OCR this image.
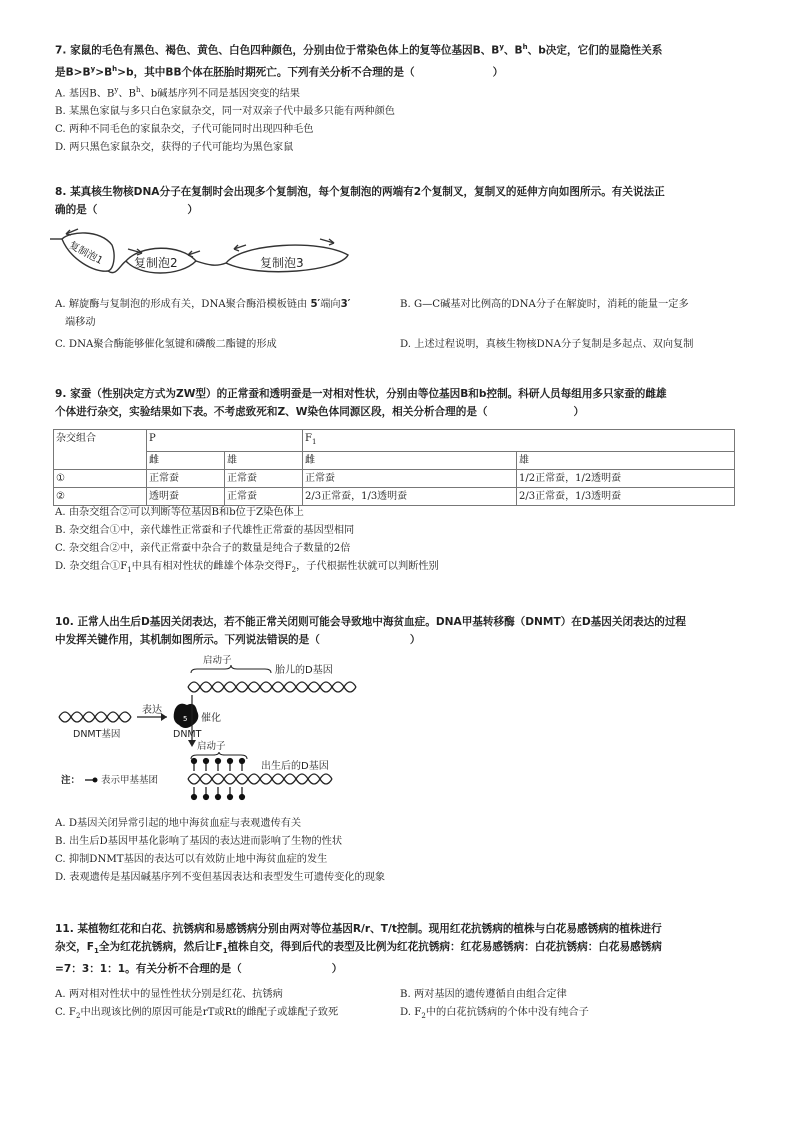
7. 家鼠的毛色有黑色、褐色、黄色、白色四种颜色，分别由位于常染色体上的复等位基因B、$B^y$、$B^h$、b决定，它们的显隐性关系
是$B>B^y>B^h>b$，其中BB个体在胚胎时期死亡。下列有关分析不合理的是（	）

A. 基因B、$B^y$、$B^h$、b碱基序列不同是基因突变的结果

B. 某黑色家鼠与多只白色家鼠杂交，同一对双亲子代中最多只能有两种颜色

C. 两种不同毛色的家鼠杂交，子代可能同时出现四种毛色

D. 两只黑色家鼠杂交，获得的子代可能均为黑色家鼠

8. 某真核生物核DNA分子在复制时会出现多个复制泡，每个复制泡的两端有2个复制叉，复制叉的延伸方向如图所示。有关说法正
确的是（	）

复制泡1 复制泡2	复制泡3
A. 解旋酶与复制泡的形成有关，DNA聚合酶沿模板链由 5′端向3′
端移动
B. G—C碱基对比例高的DNA分子在解旋时，消耗的能量一定多
C. DNA聚合酶能够催化氢键和磷酸二酯键的形成	D. 上述过程说明，真核生物核DNA分子复制是多起点、双向复制

9. 家蚕（性别决定方式为ZW型）的正常蚕和透明蚕是一对相对性状，分别由等位基因B和b控制。科研人员每组用多只家蚕的雌雄
个体进行杂交，实验结果如下表。不考虑致死和Z、W染色体同源区段，相关分析合理的是（	）

杂交组合	P		$F_1$
	雌	雄	雌	雄
①	正常蚕	正常蚕	正常蚕	1/2正常蚕，1/2透明蚕
②	透明蚕	正常蚕	2/3正常蚕，1/3透明蚕	2/3正常蚕，1/3透明蚕

A. 由杂交组合②可以判断等位基因B和b位于Z染色体上

B. 杂交组合①中，亲代雄性正常蚕和子代雄性正常蚕的基因型相同

C. 杂交组合②中，亲代正常蚕中杂合子的数量是纯合子数量的2倍

D. 杂交组合$①F_1$中具有相对性状的雌雄个体杂交得$F_2$，子代根据性状就可以判断性别

10. 正常人出生后D基因关闭表达，若不能正常关闭则可能会导致地中海贫血症。DNA甲基转移酶（DNMT）在D基因关闭表达的过程
中发挥关键作用，其机制如图所示。下列说法错误的是（	）

启动子
胎儿的D基因
DNMT基因
表达
5
DNMT
催化
启动子
出生后的D基因
注： 表示甲基基团

A. D基因关闭异常引起的地中海贫血症与表观遗传有关

B. 出生后D基因甲基化影响了基因的表达进而影响了生物的性状

C. 抑制DNMT基因的表达可以有效防止地中海贫血症的发生

D. 表观遗传是基因碱基序列不变但基因表达和表型发生可遗传变化的现象

11. 某植物红花和白花、抗锈病和易感锈病分别由两对等位基因R/r、T/t控制。现用红花抗锈病的植株与白花易感锈病的植株进行
杂交，$F_1$全为红花抗锈病，然后让$F_1$植株自交，得到后代的表型及比例为红花抗锈病：红花易感锈病：白花抗锈病：白花易感锈病
=7：3：1：1。有关分析不合理的是（	）

A. 两对相对性状中的显性性状分别是红花、抗锈病	B. 两对基因的遗传遵循自由组合定律
C. $F_2$中出现该比例的原因可能是rT或Rt的雌配子或雄配子致死	D. $F_2$中的白花抗锈病的个体中没有纯合子
